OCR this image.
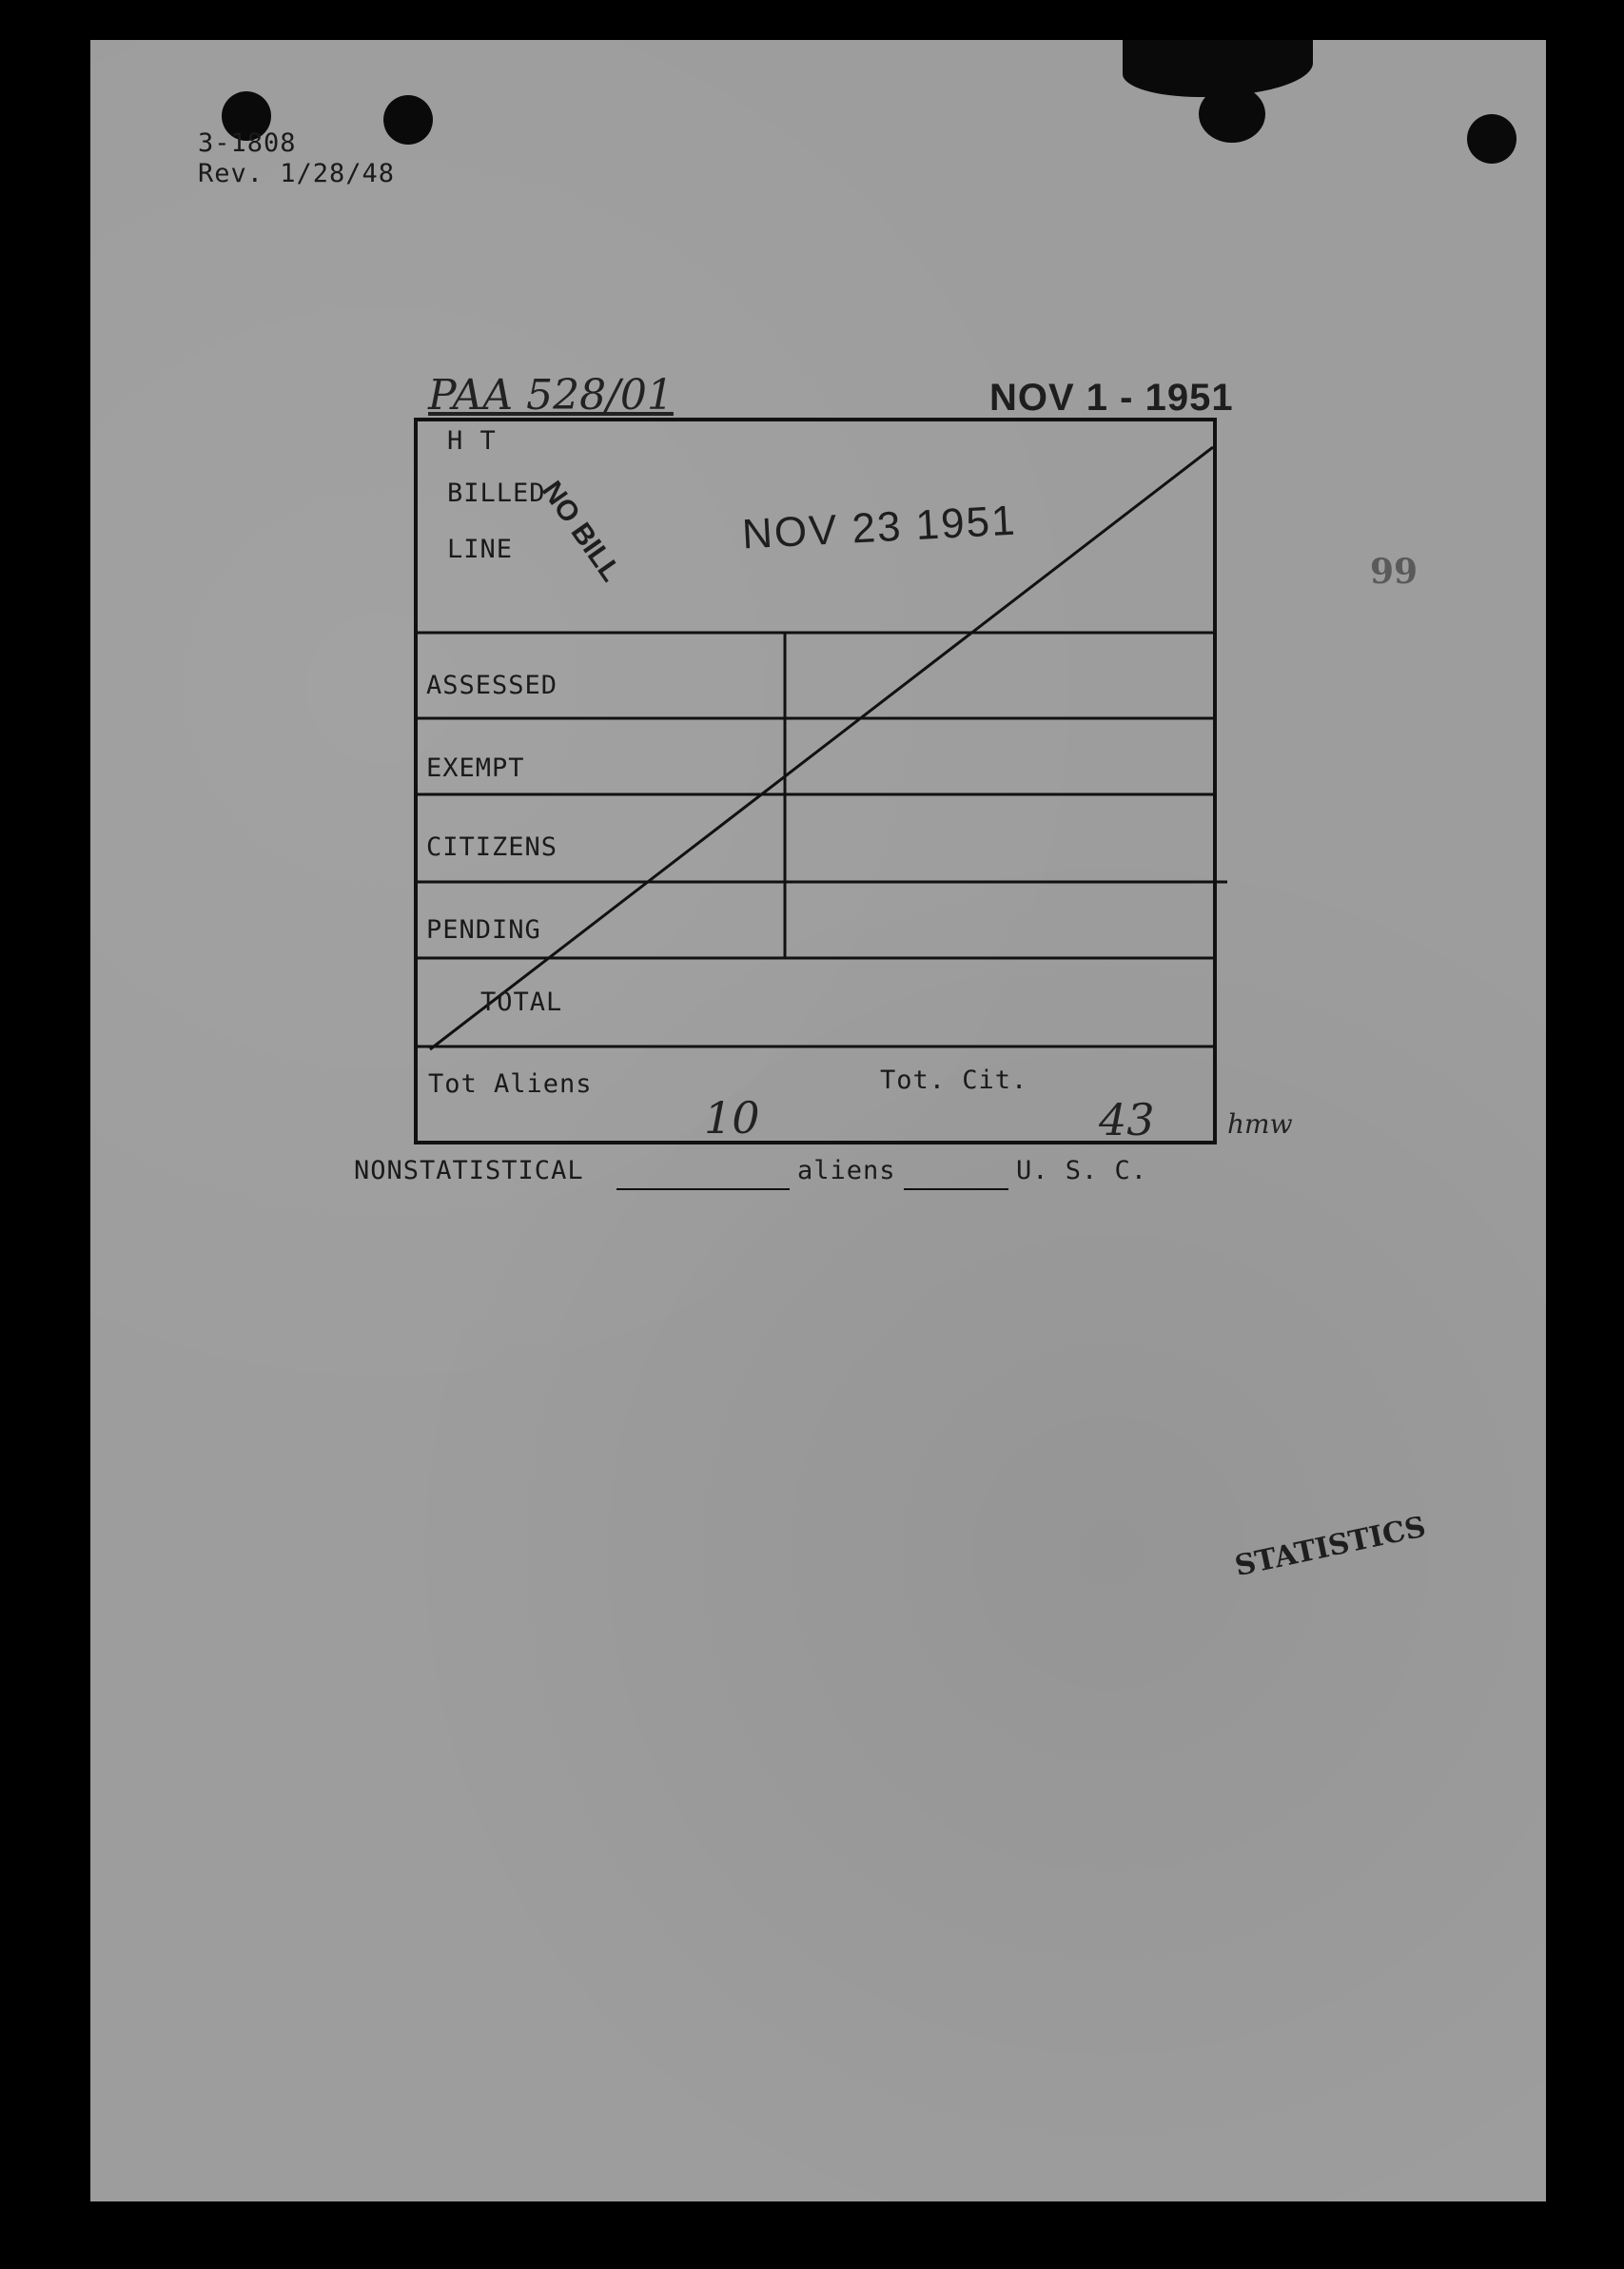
3-1808
Rev. 1/28/48
PAA 528/01	NOV 1 - 1951
H T
BILLED
LINE NO BILL	NOV 23 1951
ASSESSED
EXEMPT
CITIZENS
PENDING
TOTAL
Tot Aliens	Tot. Cit.
10	43	hmw
NONSTATISTICAL	aliens	U. S. C.
99
STATISTICS
